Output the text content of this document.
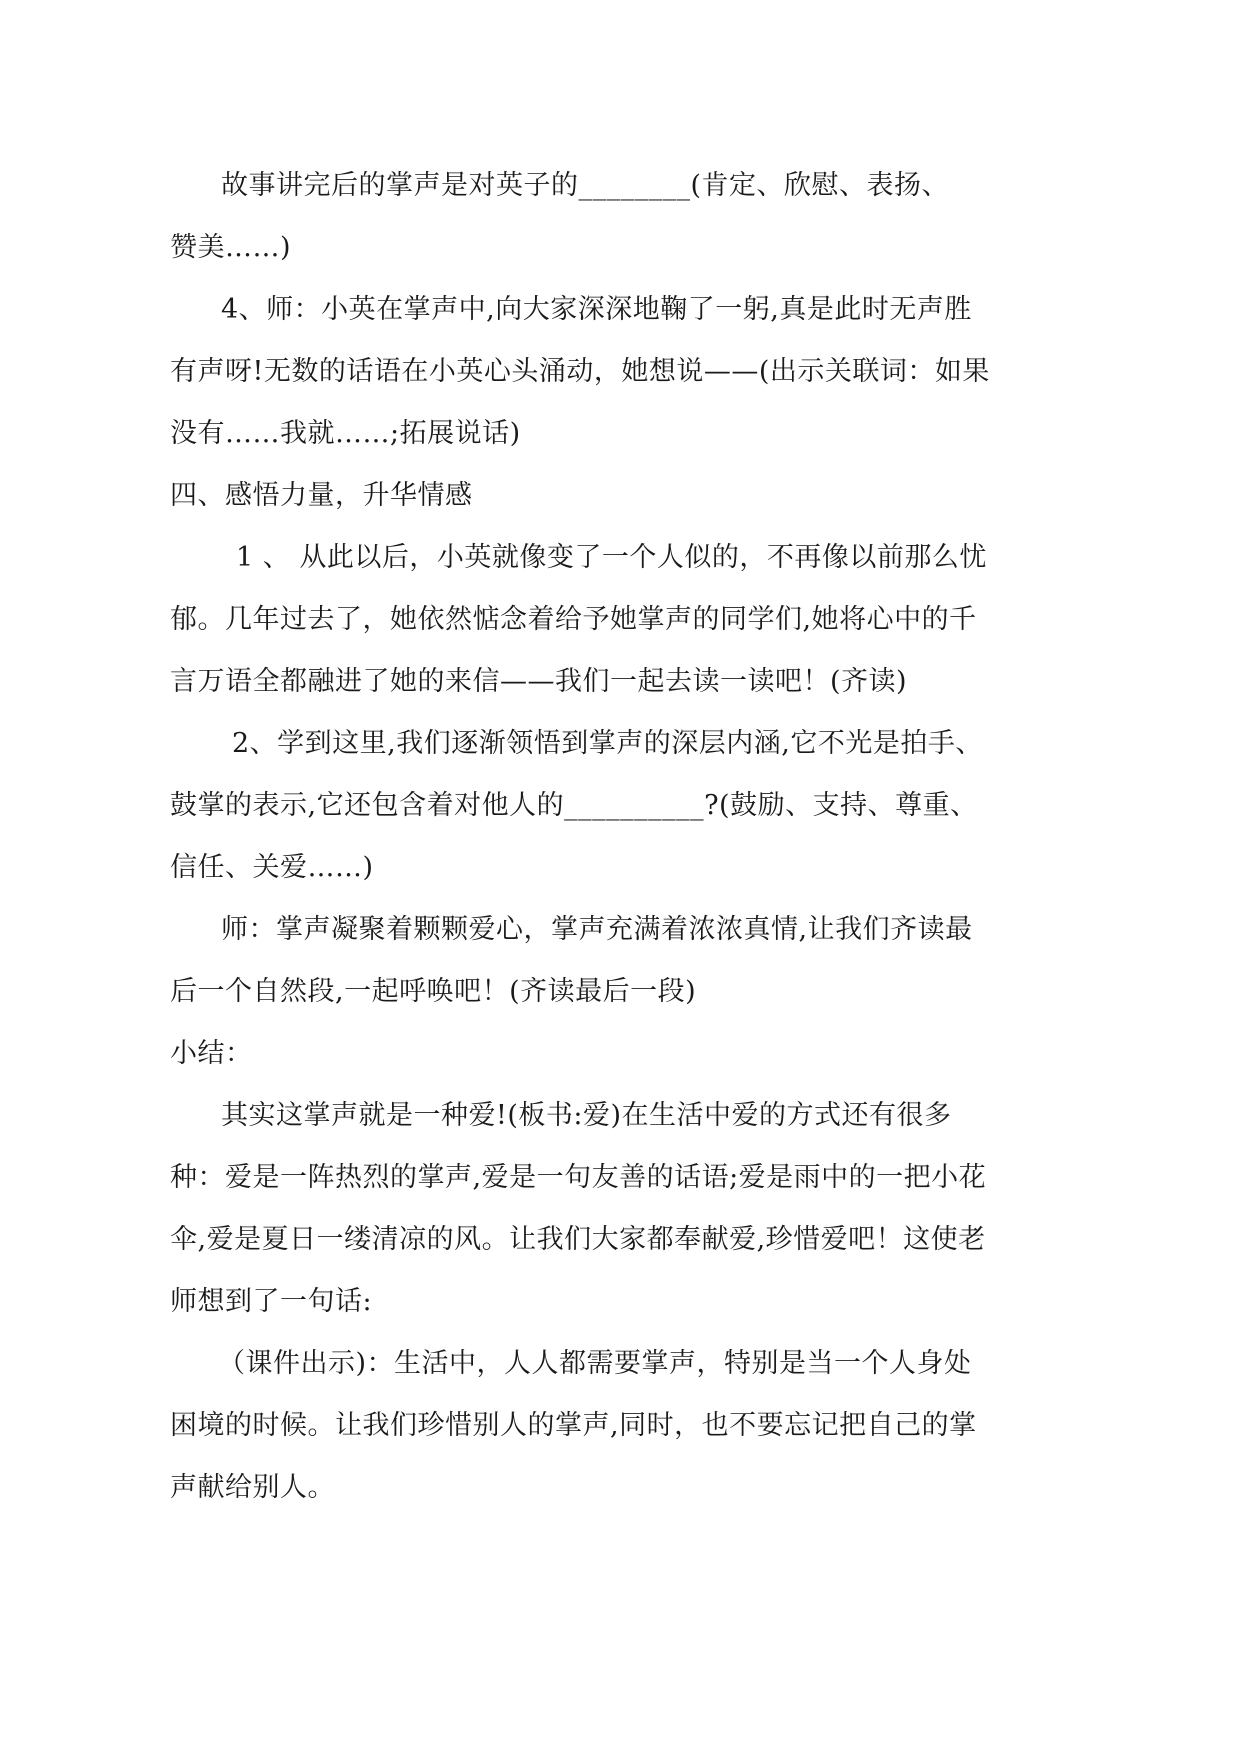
故事讲完后的掌声是对英子的________(肯定、欣慰、表扬、
赞美……)
4、师：小英在掌声中,向大家深深地鞠了一躬,真是此时无声胜
有声呀!无数的话语在小英心头涌动，她想说——(出示关联词：如果
没有……我就……;拓展说话)
四、感悟力量，升华情感
1 、 从此以后，小英就像变了一个人似的，不再像以前那么忧
郁。几年过去了，她依然惦念着给予她掌声的同学们,她将心中的千
言万语全都融进了她的来信——我们一起去读一读吧！(齐读)
2、学到这里,我们逐渐领悟到掌声的深层内涵,它不光是拍手、
鼓掌的表示,它还包含着对他人的__________?(鼓励、支持、尊重、
信任、关爱……)
师：掌声凝聚着颗颗爱心，掌声充满着浓浓真情,让我们齐读最
后一个自然段,一起呼唤吧！(齐读最后一段)
小结：
其实这掌声就是一种爱!(板书:爱)在生活中爱的方式还有很多
种：爱是一阵热烈的掌声,爱是一句友善的话语;爱是雨中的一把小花
伞,爱是夏日一缕清凉的风。让我们大家都奉献爱,珍惜爱吧！这使老
师想到了一句话:
（课件出示)：生活中，人人都需要掌声，特别是当一个人身处
困境的时候。让我们珍惜别人的掌声,同时，也不要忘记把自己的掌
声献给别人。
